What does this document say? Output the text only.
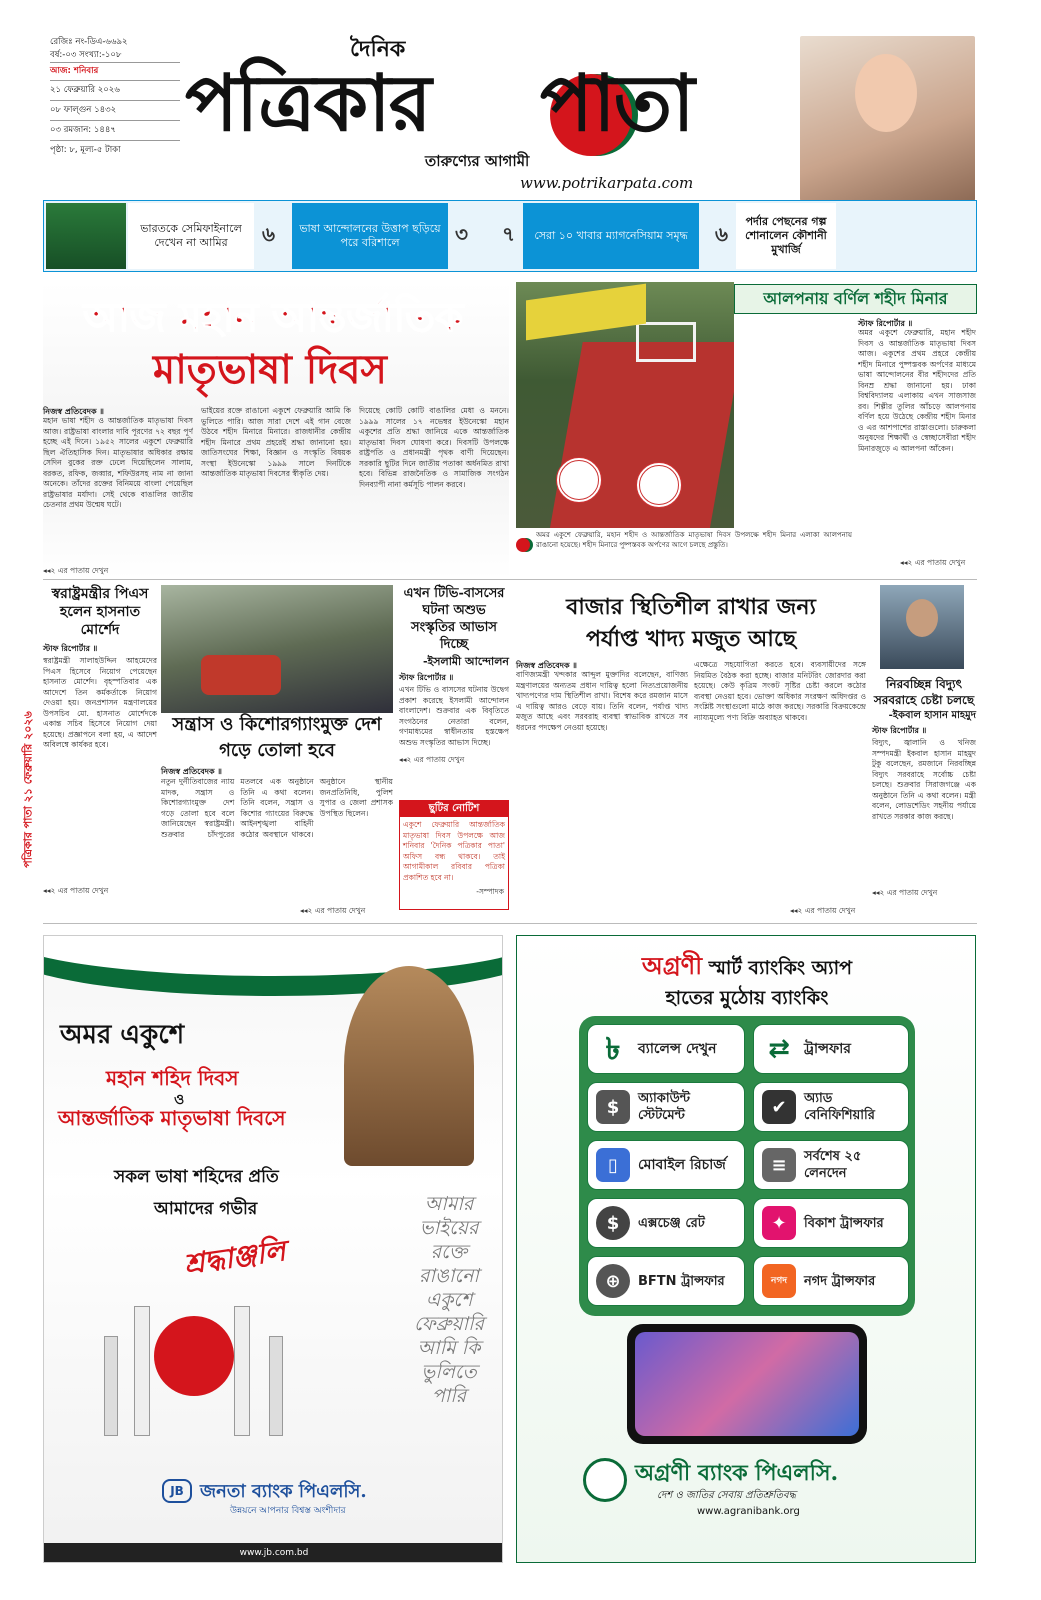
রেজিঃ নং-ডিএ-৬৬৯২
বর্ষ:-০৩ সংখ্যা:-১০৮
আজ: শনিবার
২১ ফেব্রুয়ারি ২০২৬
০৮ ফাল্গুন ১৪৩২
০৩ রমজান: ১৪৪৭
পৃষ্ঠা: ৮, মূল্য-৫ টাকা
দৈনিক
পত্রিকার পাতা
তারুণ্যের আগামী
www.potrikarpata.com
ভারতকে সেমিফাইনালে দেখেন না আমির	৬ ভাষা আন্দোলনের উত্তাপ ছড়িয়ে পরে বরিশালে	৩ ৭ সেরা ১০ খাবার ম্যাগনেসিয়াম সমৃদ্ধ ৬
পর্দার পেছনের গল্প শোনালেন কৌশানী মুখার্জি
আজ মহান আন্তর্জাতিক
মাতৃভাষা দিবস
নিজস্ব প্রতিবেদক ॥
মহান ভাষা শহীদ ও আন্তর্জাতিক মাতৃভাষা দিবস আজ। রাষ্ট্রভাষা বাংলার দাবি পূরণের ৭২ বছর পূর্ণ হচ্ছে এই দিনে। ১৯৫২ সালের একুশে ফেব্রুয়ারি ছিল ঐতিহাসিক দিন। মাতৃভাষার অধিকার রক্ষায় সেদিন বুকের রক্ত ঢেলে দিয়েছিলেন সালাম, বরকত, রফিক, জব্বার, শফিউরসহ নাম না জানা অনেকে। তাঁদের রক্তের বিনিময়ে বাংলা পেয়েছিল রাষ্ট্রভাষার মর্যাদা। সেই থেকে বাঙালির জাতীয় চেতনার প্রথম উন্মেষ ঘটে।
ভাইয়ের রক্তে রাঙানো একুশে ফেব্রুয়ারি আমি কি ভুলিতে পারি। আজ সারা দেশে এই গান বেজে উঠবে শহীদ মিনারে মিনারে। রাজধানীর কেন্দ্রীয় শহীদ মিনারে প্রথম প্রহরেই শ্রদ্ধা জানানো হয়। জাতিসংঘের শিক্ষা, বিজ্ঞান ও সংস্কৃতি বিষয়ক সংস্থা ইউনেস্কো ১৯৯৯ সালে দিনটিকে আন্তর্জাতিক মাতৃভাষা দিবসের স্বীকৃতি দেয়।
দিয়েছে কোটি কোটি বাঙালির মেধা ও মননে। ১৯৯৯ সালের ১৭ নভেম্বর ইউনেস্কো মহান একুশের প্রতি শ্রদ্ধা জানিয়ে একে আন্তর্জাতিক মাতৃভাষা দিবস ঘোষণা করে। দিবসটি উপলক্ষে রাষ্ট্রপতি ও প্রধানমন্ত্রী পৃথক বাণী দিয়েছেন। সরকারি ছুটির দিনে জাতীয় পতাকা অর্ধনমিত রাখা হবে। বিভিন্ন রাজনৈতিক ও সামাজিক সংগঠন দিনব্যাপী নানা কর্মসূচি পালন করবে।
◂◂২ এর পাতায় দেখুন
আলপনায় বর্ণিল শহীদ মিনার
স্টাফ রিপোর্টার ॥
অমর একুশে ফেব্রুয়ারি, মহান শহীদ দিবস ও আন্তর্জাতিক মাতৃভাষা দিবস আজ। একুশের প্রথম প্রহরে কেন্দ্রীয় শহীদ মিনারে পুষ্পস্তবক অর্পণের মাধ্যমে ভাষা আন্দোলনের বীর শহীদদের প্রতি বিনম্র শ্রদ্ধা জানানো হয়। ঢাকা বিশ্ববিদ্যালয় এলাকায় এখন সাজসাজ রব। শিল্পীর তুলির আঁচড়ে আলপনায় বর্ণিল হয়ে উঠেছে কেন্দ্রীয় শহীদ মিনার ও এর আশপাশের রাস্তাগুলো। চারুকলা অনুষদের শিক্ষার্থী ও স্বেচ্ছাসেবীরা শহীদ মিনারজুড়ে এ আলপনা আঁকেন।
অমর একুশে ফেব্রুয়ারি, মহান শহীদ ও আন্তর্জাতিক মাতৃভাষা দিবস উপলক্ষে শহীদ মিনার এলাকা আলপনায় রাঙানো হয়েছে। শহীদ মিনারে পুষ্পস্তবক অর্পণের আগে চলছে প্রস্তুতি।
◂◂২ এর পাতায় দেখুন
পত্রিকার পাতা ২১ ফেব্রুয়ারি ২০২৬
স্বরাষ্ট্রমন্ত্রীর পিএস হলেন হাসনাত মোর্শেদ
স্টাফ রিপোর্টার ॥
স্বরাষ্ট্রমন্ত্রী সালাহউদ্দিন আহমেদের পিএস হিসেবে নিয়োগ পেয়েছেন হাসনাত মোর্শেদ। বৃহস্পতিবার এক আদেশে তিন কর্মকর্তাকে নিয়োগ দেওয়া হয়। জনপ্রশাসন মন্ত্রণালয়ের উপসচিব মো. হাসনাত মোর্শেদকে একান্ত সচিব হিসেবে নিয়োগ দেয়া হয়েছে। প্রজ্ঞাপনে বলা হয়, এ আদেশ অবিলম্বে কার্যকর হবে।
◂◂২ এর পাতায় দেখুন
সন্ত্রাস ও কিশোরগ্যাংমুক্ত দেশ গড়ে তোলা হবে
নিজস্ব প্রতিবেদক ॥
নতুন দুর্নীতিবাজের ন্যায় মাদক, সন্ত্রাস ও কিশোরগ্যাংমুক্ত দেশ গড়ে তোলা হবে বলে জানিয়েছেন স্বরাষ্ট্রমন্ত্রী। শুক্রবার চাঁদপুরের মতলবে এক অনুষ্ঠানে তিনি এ কথা বলেন। তিনি বলেন, সন্ত্রাস ও কিশোর গ্যাংয়ের বিরুদ্ধে আইনশৃঙ্খলা বাহিনী কঠোর অবস্থানে থাকবে। অনুষ্ঠানে স্থানীয় জনপ্রতিনিধি, পুলিশ সুপার ও জেলা প্রশাসক উপস্থিত ছিলেন।
◂◂২ এর পাতায় দেখুন
এখন টিভি-বাসসের ঘটনা অশুভ সংস্কৃতির আভাস দিচ্ছে
-ইসলামী আন্দোলন
স্টাফ রিপোর্টার ॥
এখন টিভি ও বাসসের ঘটনায় উদ্বেগ প্রকাশ করেছে ইসলামী আন্দোলন বাংলাদেশ। শুক্রবার এক বিবৃতিতে সংগঠনের নেতারা বলেন, গণমাধ্যমের স্বাধীনতায় হস্তক্ষেপ অশুভ সংস্কৃতির আভাস দিচ্ছে।
◂◂২ এর পাতায় দেখুন
ছুটির নোটিশ
একুশে ফেব্রুয়ারি আন্তর্জাতিক মাতৃভাষা দিবস উপলক্ষে আজ শনিবার 'দৈনিক পত্রিকার পাতা' অফিস বন্ধ থাকবে। তাই আগামীকাল রবিবার পত্রিকা প্রকাশিত হবে না।
-সম্পাদক
বাজার স্থিতিশীল রাখার জন্য
পর্যাপ্ত খাদ্য মজুত আছে
নিজস্ব প্রতিবেদক ॥
বাণিজ্যমন্ত্রী খন্দকার আব্দুল মুক্তাদির বলেছেন, বাণিজ্য মন্ত্রণালয়ের অন্যতম প্রধান দায়িত্ব হলো নিত্যপ্রয়োজনীয় খাদ্যপণ্যের দাম স্থিতিশীল রাখা। বিশেষ করে রমজান মাসে এ দায়িত্ব আরও বেড়ে যায়। তিনি বলেন, পর্যাপ্ত খাদ্য মজুত আছে এবং সরবরাহ ব্যবস্থা স্বাভাবিক রাখতে সব ধরনের পদক্ষেপ নেওয়া হয়েছে।
এক্ষেত্রে সহযোগিতা করতে হবে। ব্যবসায়ীদের সঙ্গে নিয়মিত বৈঠক করা হচ্ছে। বাজার মনিটরিং জোরদার করা হয়েছে। কেউ কৃত্রিম সংকট সৃষ্টির চেষ্টা করলে কঠোর ব্যবস্থা নেওয়া হবে। ভোক্তা অধিকার সংরক্ষণ অধিদপ্তর ও সংশ্লিষ্ট সংস্থাগুলো মাঠে কাজ করছে। সরকারি বিক্রয়কেন্দ্রে ন্যায্যমূল্যে পণ্য বিক্রি অব্যাহত থাকবে।
◂◂২ এর পাতায় দেখুন
নিরবচ্ছিন্ন বিদ্যুৎ সরবরাহে চেষ্টা চলছে
-ইকবাল হাসান মাহমুদ
স্টাফ রিপোর্টার ॥
বিদ্যুৎ, জ্বালানি ও খনিজ সম্পদমন্ত্রী ইকবাল হাসান মাহমুদ টুকু বলেছেন, রমজানে নিরবচ্ছিন্ন বিদ্যুৎ সরবরাহে সর্বোচ্চ চেষ্টা চলছে। শুক্রবার সিরাজগঞ্জে এক অনুষ্ঠানে তিনি এ কথা বলেন। মন্ত্রী বলেন, লোডশেডিং সহনীয় পর্যায়ে রাখতে সরকার কাজ করছে।
◂◂২ এর পাতায় দেখুন
অমর একুশে
মহান শহিদ দিবস
ও
আন্তর্জাতিক মাতৃভাষা দিবসে
সকল ভাষা শহিদের প্রতি
আমাদের গভীর
শ্রদ্ধাঞ্জলি
আমার ভাইয়ের রক্তে রাঙানো একুশে ফেব্রুয়ারি আমি কি ভুলিতে পারি
JB জনতা ব্যাংক পিএলসি.
উন্নয়নে আপনার বিশ্বস্ত অংশীদার
www.jb.com.bd
অগ্রণী স্মার্ট ব্যাংকিং অ্যাপ
হাতের মুঠোয় ব্যাংকিং
৳	ব্যালেন্স দেখুন ⇄	ট্রান্সফার
$	অ্যাকাউন্ট স্টেটমেন্ট	✔	অ্যাড বেনিফিশিয়ারি
▯	মোবাইল রিচার্জ	≡	সর্বশেষ ২৫ লেনদেন
$	এক্সচেঞ্জ রেট	✦	বিকাশ ট্রান্সফার
⊕	BFTN ট্রান্সফার	নগদ	নগদ ট্রান্সফার
অগ্রণী ব্যাংক পিএলসি.
দেশ ও জাতির সেবায় প্রতিশ্রুতিবদ্ধ
www.agranibank.org
